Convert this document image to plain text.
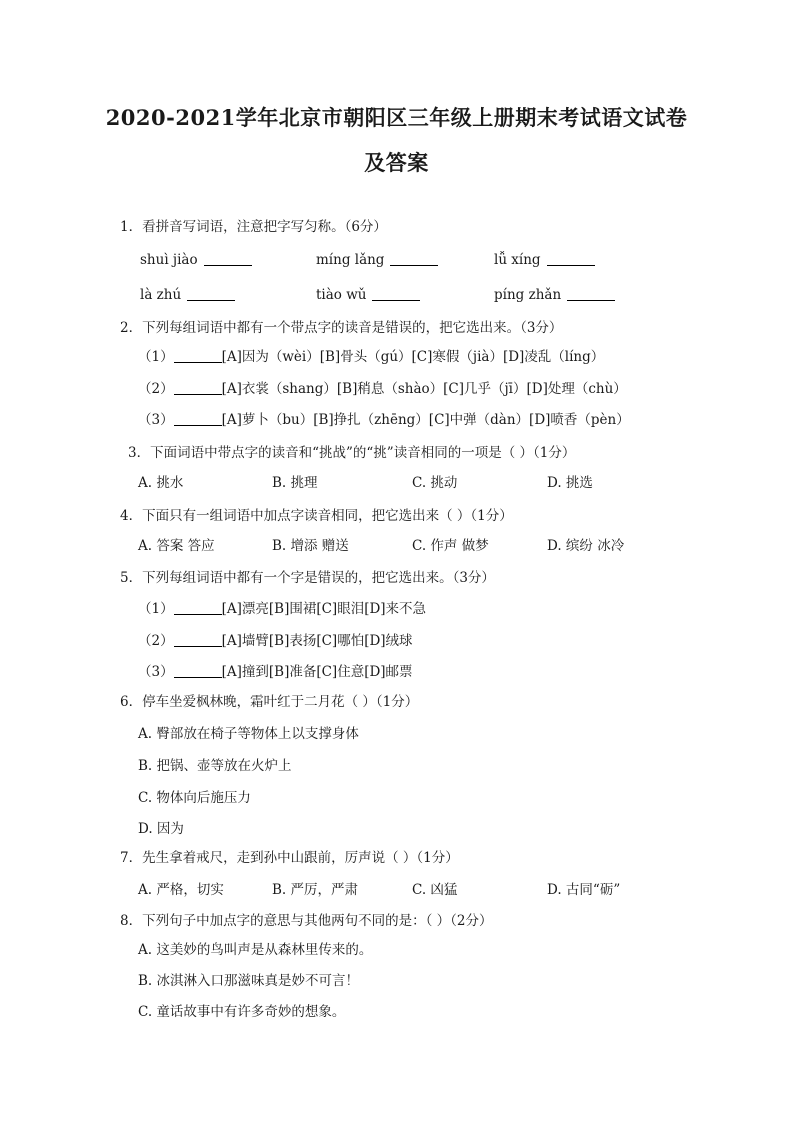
2020-2021学年北京市朝阳区三年级上册期末考试语文试卷
及答案
1．看拼音写词语，注意把字写匀称。（6分）
shuì jiào	míng lǎng	lǚ xíng
là zhú	tiào wǔ	píng zhǎn
2．下列每组词语中都有一个带点字的读音是错误的，把它选出来。（3分）
（1）	[A]因为（wèi）[B]骨头（gú）[C]寒假（jià）[D]凌乱（líng）
（2）	[A]衣裳（shang）[B]稍息（shào）[C]几乎（jī）[D]处理（chù）
（3）	[A]萝卜（bu）[B]挣扎（zhēng）[C]中弹（dàn）[D]喷香（pèn）
3．下面词语中带点字的读音和“挑战”的“挑”读音相同的一项是（ ）（1分）
A. 挑水	B. 挑理	C. 挑动	D. 挑选
4．下面只有一组词语中加点字读音相同，把它选出来（ ）（1分）
A. 答案 答应	B. 增添 赠送	C. 作声 做梦	D. 缤纷 冰冷
5．下列每组词语中都有一个字是错误的，把它选出来。（3分）
（1）	[A]漂亮[B]围裙[C]眼泪[D]来不急
（2）	[A]墙臂[B]表扬[C]哪怕[D]绒球
（3）	[A]撞到[B]准备[C]住意[D]邮票
6．停车坐爱枫林晚，霜叶红于二月花（ ）（1分）
A. 臀部放在椅子等物体上以支撑身体
B. 把锅、壶等放在火炉上
C. 物体向后施压力
D. 因为
7．先生拿着戒尺，走到孙中山跟前，厉声说（ ）（1分）
A. 严格，切实	B. 严厉，严肃	C. 凶猛	D. 古同“砺”
8．下列句子中加点字的意思与其他两句不同的是：（ ）（2分）
A. 这美妙的鸟叫声是从森林里传来的。
B. 冰淇淋入口那滋味真是妙不可言！
C. 童话故事中有许多奇妙的想象。
